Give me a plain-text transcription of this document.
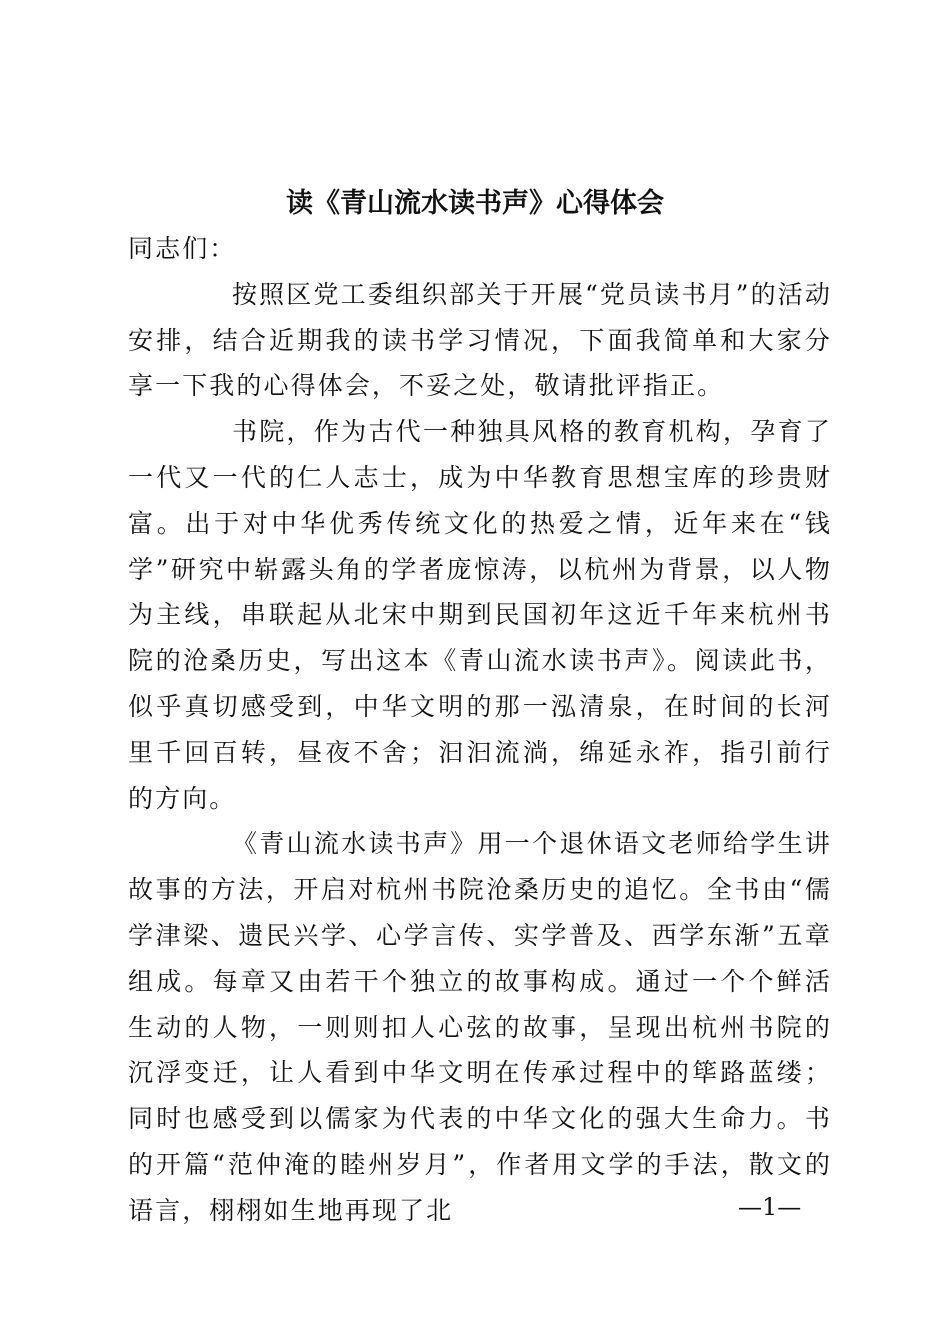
读《青山流水读书声》心得体会

同志们：

按照区党工委组织部关于开展“党员读书月”的活动安排，结合近期我的读书学习情况，下面我简单和大家分享一下我的心得体会，不妥之处，敬请批评指正。

书院，作为古代一种独具风格的教育机构，孕育了一代又一代的仁人志士，成为中华教育思想宝库的珍贵财富。出于对中华优秀传统文化的热爱之情，近年来在“钱学”研究中崭露头角的学者庞惊涛，以杭州为背景，以人物为主线，串联起从北宋中期到民国初年这近千年来杭州书院的沧桑历史，写出这本《青山流水读书声》。阅读此书，似乎真切感受到，中华文明的那一泓清泉，在时间的长河里千回百转，昼夜不舍；汩汩流淌，绵延永祚，指引前行的方向。

《青山流水读书声》用一个退休语文老师给学生讲故事的方法，开启对杭州书院沧桑历史的追忆。全书由“儒学津梁、遗民兴学、心学言传、实学普及、西学东渐”五章组成。每章又由若干个独立的故事构成。通过一个个鲜活生动的人物，一则则扣人心弦的故事，呈现出杭州书院的沉浮变迁，让人看到中华文明在传承过程中的筚路蓝缕；同时也感受到以儒家为代表的中华文化的强大生命力。书的开篇“范仲淹的睦州岁月”，作者用文学的手法，散文的语言，栩栩如生地再现了北	—1—
